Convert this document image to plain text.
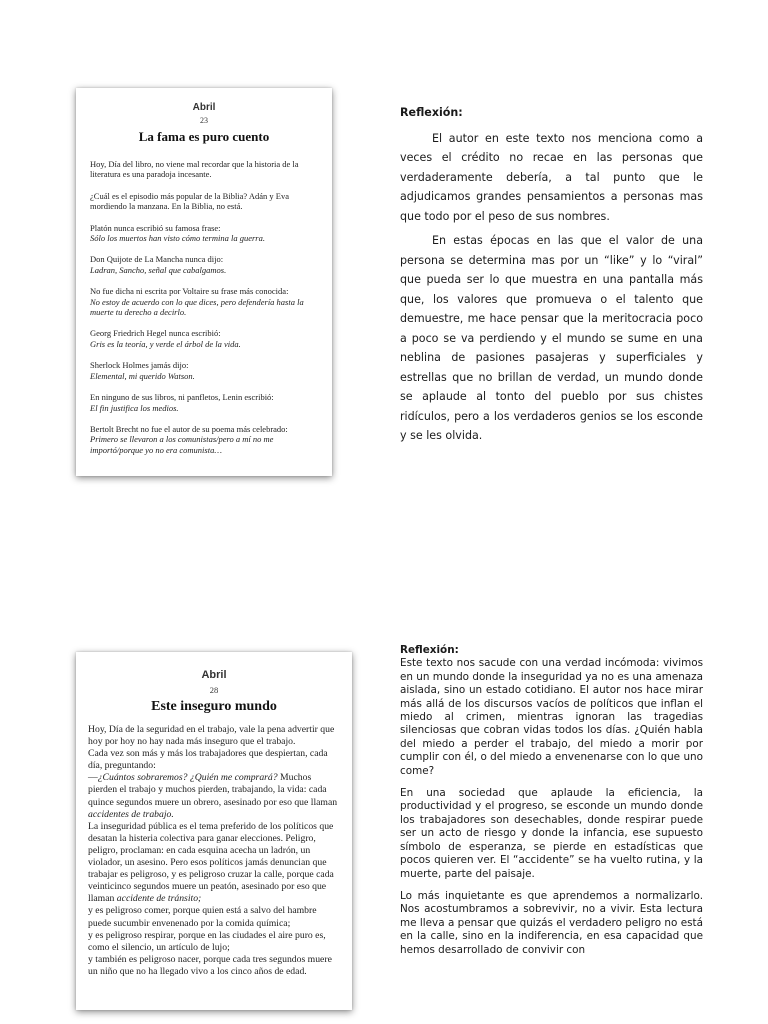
Abril
23
La fama es puro cuento

Hoy, Día del libro, no viene mal recordar que la historia de la literatura es una paradoja incesante.

¿Cuál es el episodio más popular de la Biblia? Adán y Eva mordiendo la manzana. En la Biblia, no está.

Platón nunca escribió su famosa frase:
Sólo los muertos han visto cómo termina la guerra.

Don Quijote de La Mancha nunca dijo:
Ladran, Sancho, señal que cabalgamos.

No fue dicha ni escrita por Voltaire su frase más conocida:
No estoy de acuerdo con lo que dices, pero defendería hasta la muerte tu derecho a decirlo.

Georg Friedrich Hegel nunca escribió:
Gris es la teoría, y verde el árbol de la vida.

Sherlock Holmes jamás dijo:
Elemental, mi querido Watson.

En ninguno de sus libros, ni panfletos, Lenin escribió:
El fin justifica los medios.

Bertolt Brecht no fue el autor de su poema más celebrado:
Primero se llevaron a los comunistas/pero a mí no me importó/porque yo no era comunista…

Reflexión:

El autor en este texto nos menciona como a veces el crédito no recae en las personas que verdaderamente debería, a tal punto que le adjudicamos grandes pensamientos a personas mas que todo por el peso de sus nombres.

En estas épocas en las que el valor de una persona se determina mas por un “like” y lo “viral” que pueda ser lo que muestra en una pantalla más que, los valores que promueva o el talento que demuestre, me hace pensar que la meritocracia poco a poco se va perdiendo y el mundo se sume en una neblina de pasiones pasajeras y superficiales y estrellas que no brillan de verdad, un mundo donde se aplaude al tonto del pueblo por sus chistes ridículos, pero a los verdaderos genios se los esconde y se les olvida.

Abril
28
Este inseguro mundo

Hoy, Día de la seguridad en el trabajo, vale la pena advertir que hoy por hoy no hay nada más inseguro que el trabajo.

Cada vez son más y más los trabajadores que despiertan, cada día, preguntando:

—¿Cuántos sobraremos? ¿Quién me comprará? Muchos pierden el trabajo y muchos pierden, trabajando, la vida: cada quince segundos muere un obrero, asesinado por eso que llaman accidentes de trabajo.

La inseguridad pública es el tema preferido de los políticos que desatan la histeria colectiva para ganar elecciones. Peligro, peligro, proclaman: en cada esquina acecha un ladrón, un violador, un asesino. Pero esos políticos jamás denuncian que trabajar es peligroso, y es peligroso cruzar la calle, porque cada veinticinco segundos muere un peatón, asesinado por eso que llaman accidente de tránsito;

y es peligroso comer, porque quien está a salvo del hambre puede sucumbir envenenado por la comida química;

y es peligroso respirar, porque en las ciudades el aire puro es, como el silencio, un artículo de lujo;

y también es peligroso nacer, porque cada tres segundos muere un niño que no ha llegado vivo a los cinco años de edad.

Reflexión:

Este texto nos sacude con una verdad incómoda: vivimos en un mundo donde la inseguridad ya no es una amenaza aislada, sino un estado cotidiano. El autor nos hace mirar más allá de los discursos vacíos de políticos que inflan el miedo al crimen, mientras ignoran las tragedias silenciosas que cobran vidas todos los días. ¿Quién habla del miedo a perder el trabajo, del miedo a morir por cumplir con él, o del miedo a envenenarse con lo que uno come?

En una sociedad que aplaude la eficiencia, la productividad y el progreso, se esconde un mundo donde los trabajadores son desechables, donde respirar puede ser un acto de riesgo y donde la infancia, ese supuesto símbolo de esperanza, se pierde en estadísticas que pocos quieren ver. El “accidente” se ha vuelto rutina, y la muerte, parte del paisaje.

Lo más inquietante es que aprendemos a normalizarlo. Nos acostumbramos a sobrevivir, no a vivir. Esta lectura me lleva a pensar que quizás el verdadero peligro no está en la calle, sino en la indiferencia, en esa capacidad que hemos desarrollado de convivir con
